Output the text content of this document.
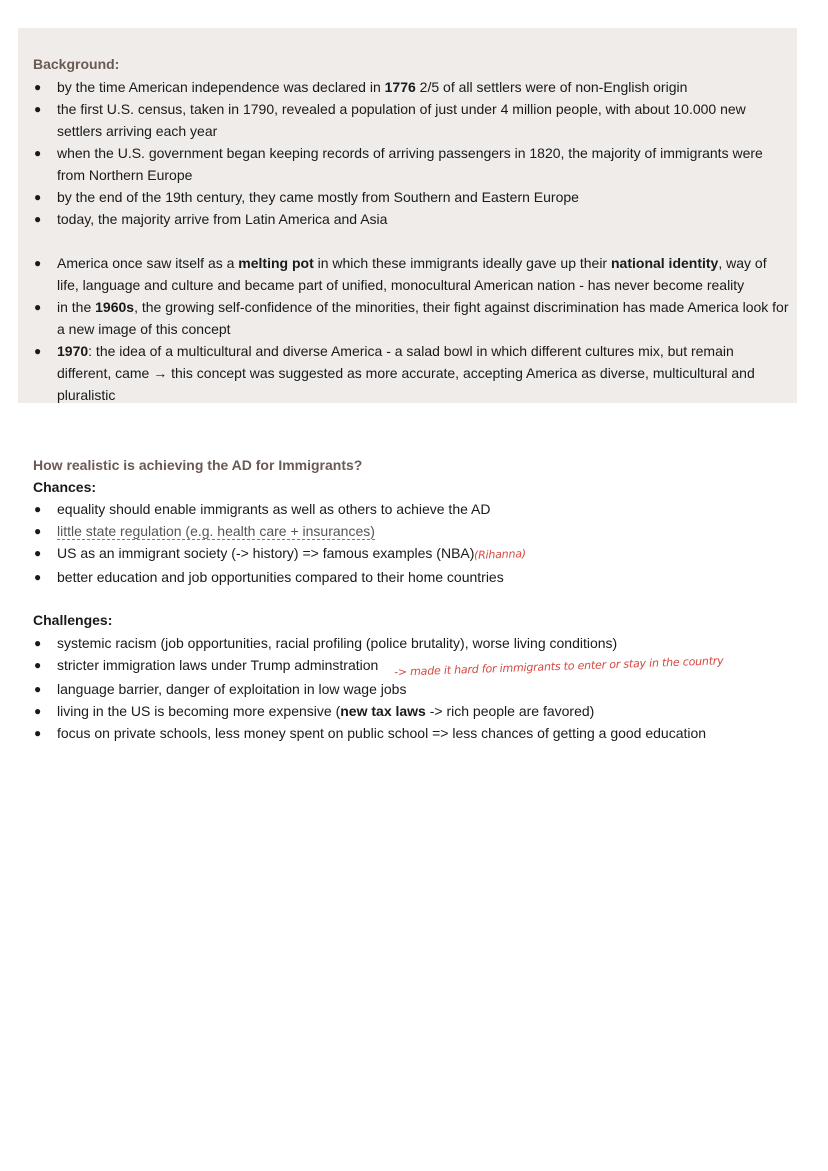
Background:
● by the time American independence was declared in 1776 2/5 of all settlers were of non-English origin
● the first U.S. census, taken in 1790, revealed a population of just under 4 million people, with about 10.000 new settlers arriving each year
● when the U.S. government began keeping records of arriving passengers in 1820, the majority of immigrants were from Northern Europe
● by the end of the 19th century, they came mostly from Southern and Eastern Europe
● today, the majority arrive from Latin America and Asia
● America once saw itself as a melting pot in which these immigrants ideally gave up their national identity, way of life, language and culture and became part of unified, monocultural American nation - has never become reality
● in the 1960s, the growing self-confidence of the minorities, their fight against discrimination has made America look for a new image of this concept
● 1970: the idea of a multicultural and diverse America - a salad bowl in which different cultures mix, but remain different, came → this concept was suggested as more accurate, accepting America as diverse, multicultural and pluralistic
How realistic is achieving the AD for Immigrants?
Chances:
● equality should enable immigrants as well as others to achieve the AD
● little state regulation (e.g. health care + insurances)
● US as an immigrant society (-> history) => famous examples (NBA)(Rihanna)
● better education and job opportunities compared to their home countries
Challenges:
● systemic racism (job opportunities, racial profiling (police brutality), worse living conditions)
● stricter immigration laws under Trump adminstration -> made it hard for immigrants to enter or stay in the country
● language barrier, danger of exploitation in low wage jobs
● living in the US is becoming more expensive (new tax laws -> rich people are favored)
● focus on private schools, less money spent on public school => less chances of getting a good education
